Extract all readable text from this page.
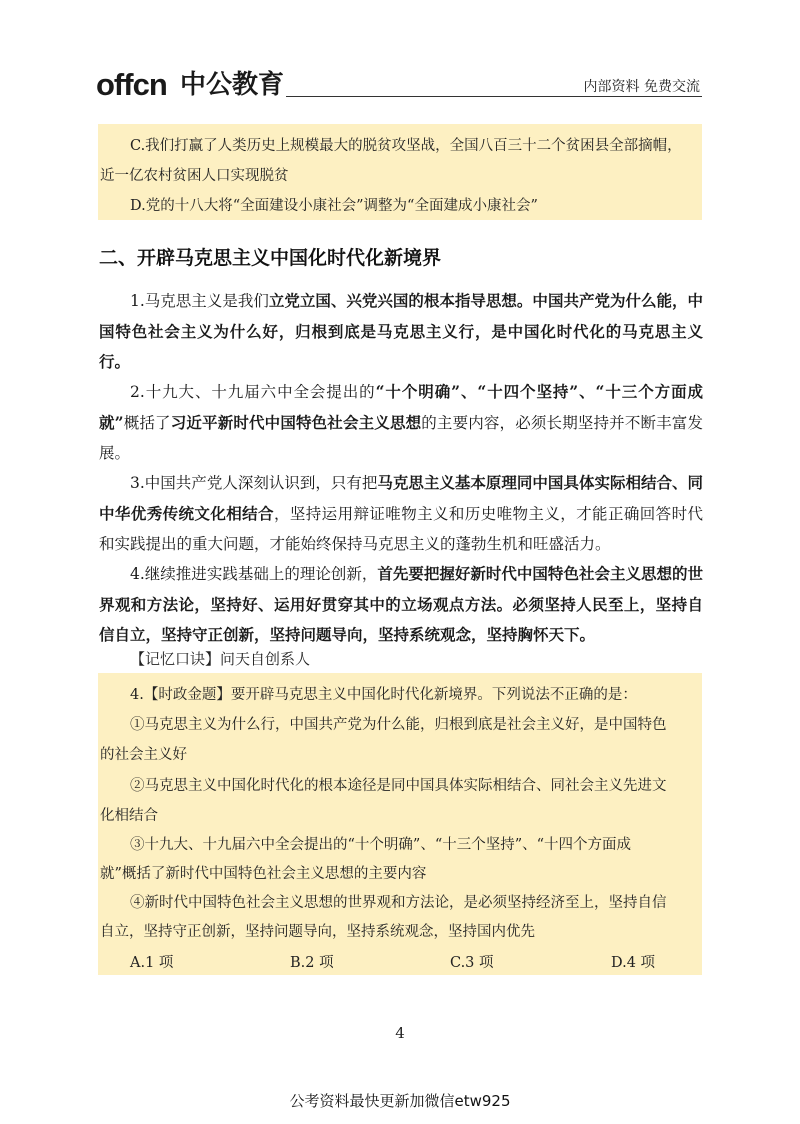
offcn 中公教育	内部资料 免费交流
C.我们打赢了人类历史上规模最大的脱贫攻坚战，全国八百三十二个贫困县全部摘帽，
近一亿农村贫困人口实现脱贫
D.党的十八大将“全面建设小康社会”调整为“全面建成小康社会”
二、开辟马克思主义中国化时代化新境界
1.马克思主义是我们立党立国、兴党兴国的根本指导思想。中国共产党为什么能，中国特色社会主义为什么好，归根到底是马克思主义行，是中国化时代化的马克思主义行。
2.十九大、十九届六中全会提出的“十个明确”、“十四个坚持”、“十三个方面成就”概括了习近平新时代中国特色社会主义思想的主要内容，必须长期坚持并不断丰富发展。
3.中国共产党人深刻认识到，只有把马克思主义基本原理同中国具体实际相结合、同中华优秀传统文化相结合，坚持运用辩证唯物主义和历史唯物主义，才能正确回答时代和实践提出的重大问题，才能始终保持马克思主义的蓬勃生机和旺盛活力。
4.继续推进实践基础上的理论创新，首先要把握好新时代中国特色社会主义思想的世界观和方法论，坚持好、运用好贯穿其中的立场观点方法。必须坚持人民至上，坚持自信自立，坚持守正创新，坚持问题导向，坚持系统观念，坚持胸怀天下。
【记忆口诀】问天自创系人
4.【时政金题】要开辟马克思主义中国化时代化新境界。下列说法不正确的是：
①马克思主义为什么行，中国共产党为什么能，归根到底是社会主义好，是中国特色
的社会主义好
②马克思主义中国化时代化的根本途径是同中国具体实际相结合、同社会主义先进文
化相结合
③十九大、十九届六中全会提出的“十个明确”、“十三个坚持”、“十四个方面成
就”概括了新时代中国特色社会主义思想的主要内容
④新时代中国特色社会主义思想的世界观和方法论，是必须坚持经济至上，坚持自信
自立，坚持守正创新，坚持问题导向，坚持系统观念，坚持国内优先
A.1 项	B.2 项	C.3 项	D.4 项
4
公考资料最快更新加微信etw925
